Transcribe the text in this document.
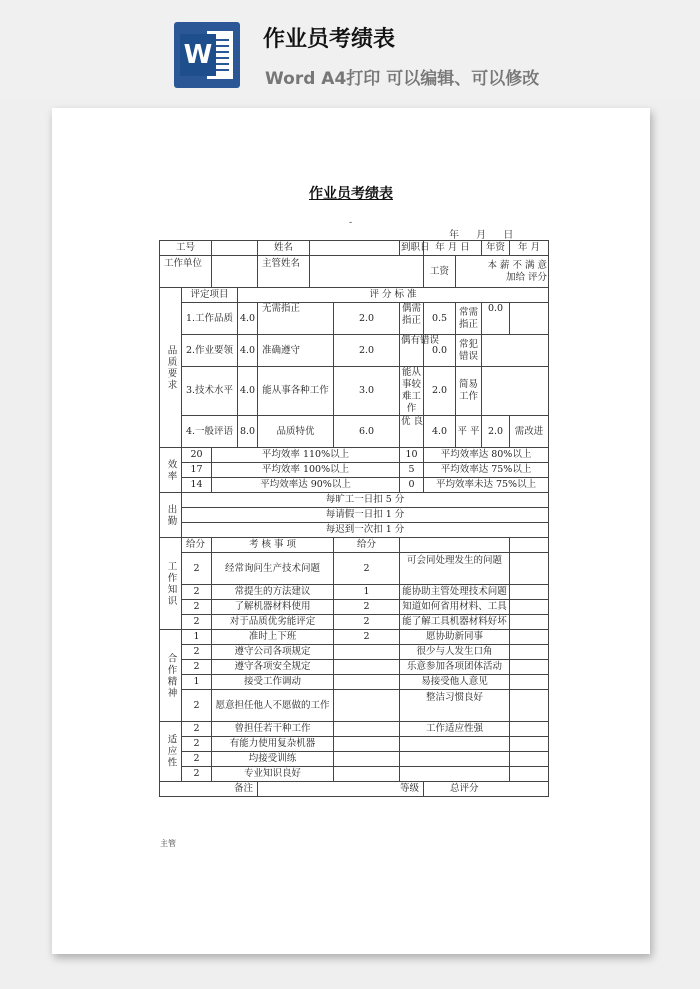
W
作业员考绩表
Word A4打印 可以编辑、可以修改
作业员考绩表
-
年 月 日
工号				姓名			到职日	年 月 日		年资	年 月
工作单位				主管姓名				工资	本 薪 不 满 意
加给 评分		

品质要求	评定项目		评 分 标 准								
	1.工作品质		4.0	无需指正		2.0	偶需指正	0.5	常需指正	0.0	
	2.作业要领		4.0	准确遵守		2.0	偶有错误	0.0	常犯错误		
	3.技术水平		4.0	能从事各种工作		3.0	能从事较难工作	2.0	简易工作		
	4.一般评语		8.0	品质特优		6.0	优 良	4.0	平 平	2.0	需改进
效率	20	平均效率 110%以上					10	平均效率达 80%以上			
	17	平均效率 100%以上					5	平均效率达 75%以上			
	14	平均效率达 90%以上					0	平均效率未达 75%以上			
出勤	每旷工一日扣 5 分										
	每请假一日扣 1 分										
	每迟到一次扣 1 分										
工作知识	给分	考 核 事 项				给分					
	2	经常询问生产技术问题				2	可会同处理发生的问题				
	2	常提生的方法建议				1	能协助主管处理技术问题				
	2	了解机器材料使用				2	知道如何省用材料、工具				
	2	对于品质优劣能评定				2	能了解工具机器材料好坏				
合作精神	1	准时上下班				2	愿协助新同事				
	2	遵守公司各项规定					很少与人发生口角				
	2	遵守各项安全规定					乐意参加各项团体活动				
	1	接受工作调动					易接受他人意见				
	2	愿意担任他人不愿做的工作					整洁习惯良好				
适应性	2	曾担任若干种工作					工作适应性强				
	2	有能力使用复杂机器									
	2	均接受训练									
	2	专业知识良好									
备注				等级				总评分			
主管
